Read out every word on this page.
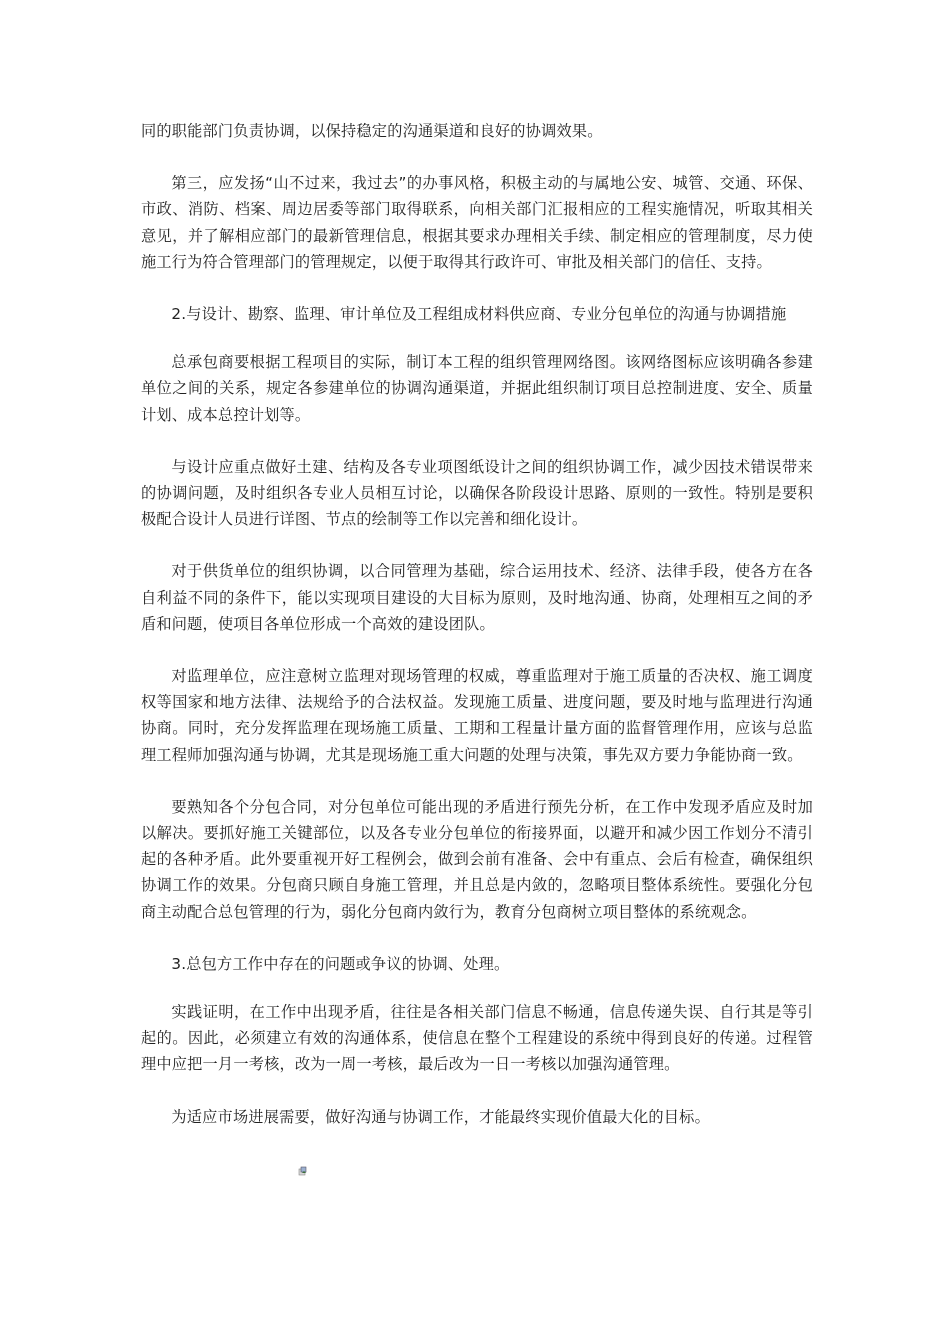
同的职能部门负责协调，以保持稳定的沟通渠道和良好的协调效果。

第三，应发扬“山不过来，我过去”的办事风格，积极主动的与属地公安、城管、交通、环保、市政、消防、档案、周边居委等部门取得联系，向相关部门汇报相应的工程实施情况，听取其相关意见，并了解相应部门的最新管理信息，根据其要求办理相关手续、制定相应的管理制度，尽力使施工行为符合管理部门的管理规定，以便于取得其行政许可、审批及相关部门的信任、支持。

2.与设计、勘察、监理、审计单位及工程组成材料供应商、专业分包单位的沟通与协调措施

总承包商要根据工程项目的实际，制订本工程的组织管理网络图。该网络图标应该明确各参建单位之间的关系，规定各参建单位的协调沟通渠道，并据此组织制订项目总控制进度、安全、质量计划、成本总控计划等。

与设计应重点做好土建、结构及各专业项图纸设计之间的组织协调工作，减少因技术错误带来的协调问题，及时组织各专业人员相互讨论，以确保各阶段设计思路、原则的一致性。特别是要积极配合设计人员进行详图、节点的绘制等工作以完善和细化设计。

对于供货单位的组织协调，以合同管理为基础，综合运用技术、经济、法律手段，使各方在各自利益不同的条件下，能以实现项目建设的大目标为原则，及时地沟通、协商，处理相互之间的矛盾和问题，使项目各单位形成一个高效的建设团队。

对监理单位，应注意树立监理对现场管理的权威，尊重监理对于施工质量的否决权、施工调度权等国家和地方法律、法规给予的合法权益。发现施工质量、进度问题，要及时地与监理进行沟通协商。同时，充分发挥监理在现场施工质量、工期和工程量计量方面的监督管理作用，应该与总监理工程师加强沟通与协调，尤其是现场施工重大问题的处理与决策，事先双方要力争能协商一致。

要熟知各个分包合同，对分包单位可能出现的矛盾进行预先分析，在工作中发现矛盾应及时加以解决。要抓好施工关键部位，以及各专业分包单位的衔接界面，以避开和减少因工作划分不清引起的各种矛盾。此外要重视开好工程例会，做到会前有准备、会中有重点、会后有检查，确保组织协调工作的效果。分包商只顾自身施工管理，并且总是内敛的，忽略项目整体系统性。要强化分包商主动配合总包管理的行为，弱化分包商内敛行为，教育分包商树立项目整体的系统观念。

3.总包方工作中存在的问题或争议的协调、处理。

实践证明，在工作中出现矛盾，往往是各相关部门信息不畅通，信息传递失误、自行其是等引起的。因此，必须建立有效的沟通体系，使信息在整个工程建设的系统中得到良好的传递。过程管理中应把一月一考核，改为一周一考核，最后改为一日一考核以加强沟通管理。

为适应市场进展需要，做好沟通与协调工作，才能最终实现价值最大化的目标。
